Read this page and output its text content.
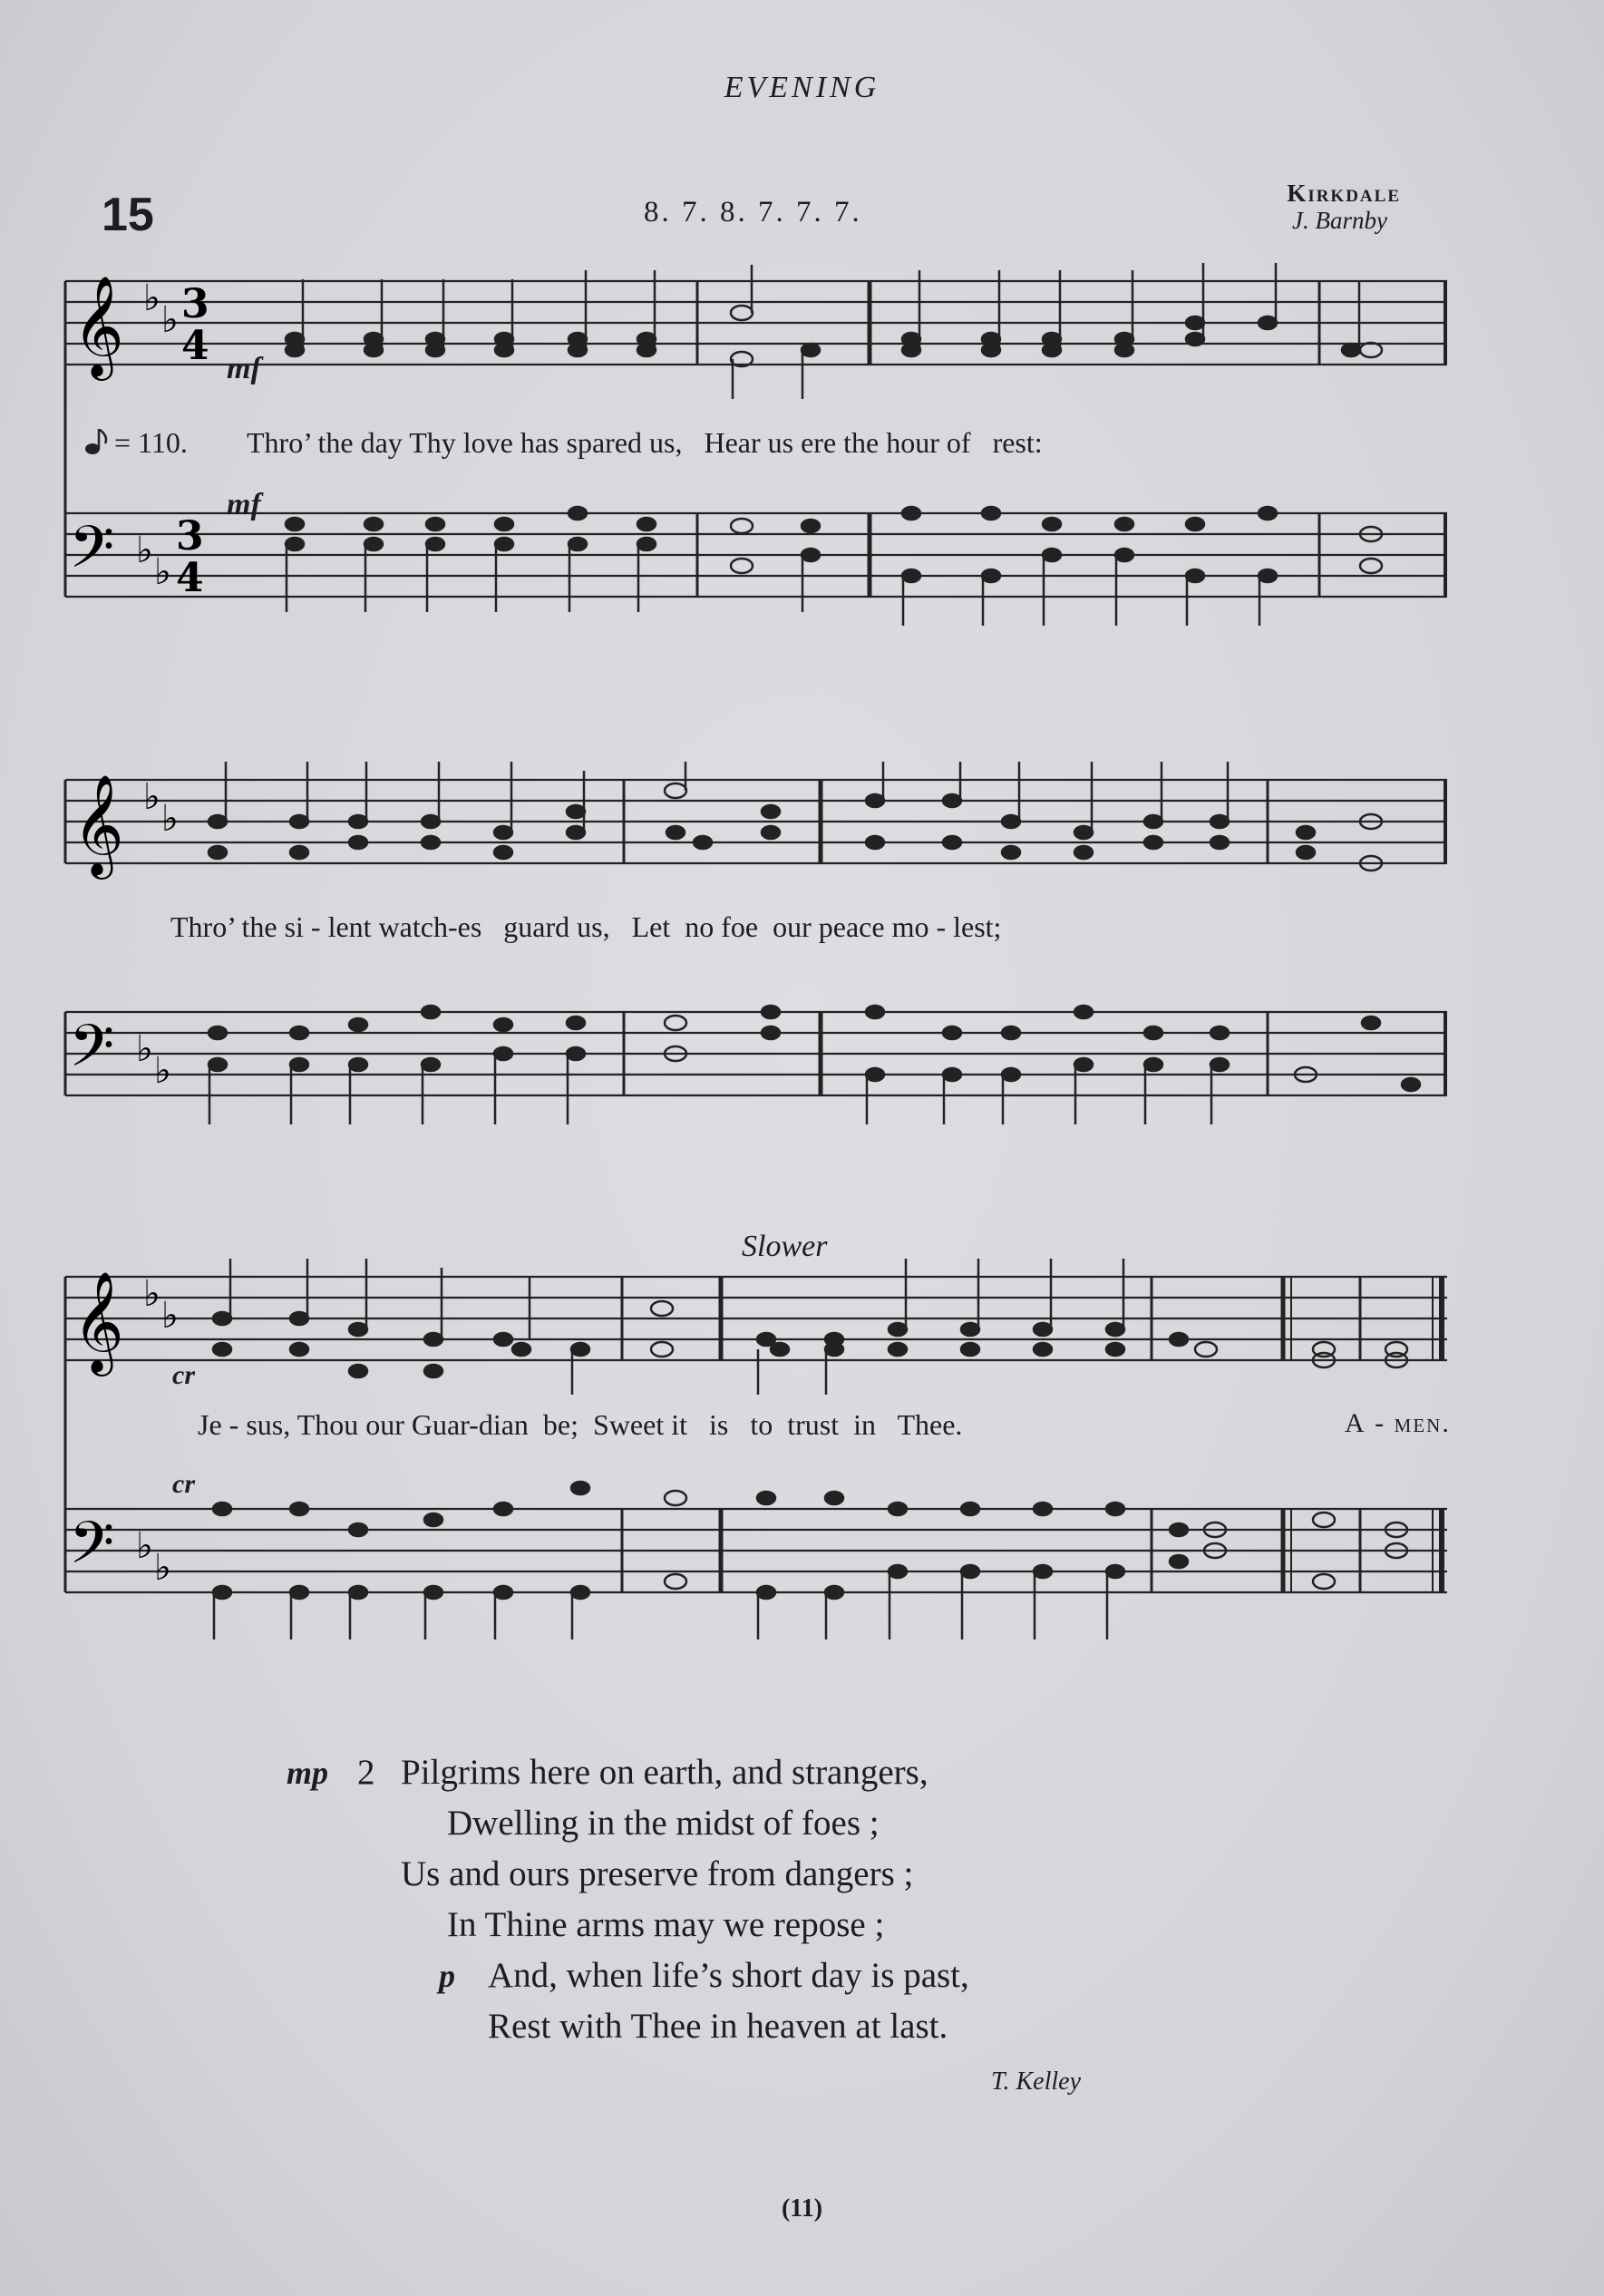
EVENING
15	8. 7. 8. 7. 7. 7.
Kirkdale
J. Barnby
𝄞
𝄢
♭
♭
♭
♭
3
4
3
4
mf
= 110. Thro’ the day Thy love has spared us,   Hear us ere the hour of   rest:
mf
𝄞
𝄢
♭
♭
♭
♭
Thro’ the si - lent watch-es   guard us,   Let  no foe  our peace mo - lest;
𝄞
𝄢
♭
♭
♭
♭
Slower
cr
Je - sus, Thou our Guar-dian  be;  Sweet it   is   to  trust  in   Thee.	A - men.
cr
mp 2 Pilgrims here on earth, and strangers,
Dwelling in the midst of foes ;
Us and ours preserve from dangers ;
In Thine arms may we repose ;
p And, when life’s short day is past,
Rest with Thee in heaven at last.
T. Kelley
(11)
